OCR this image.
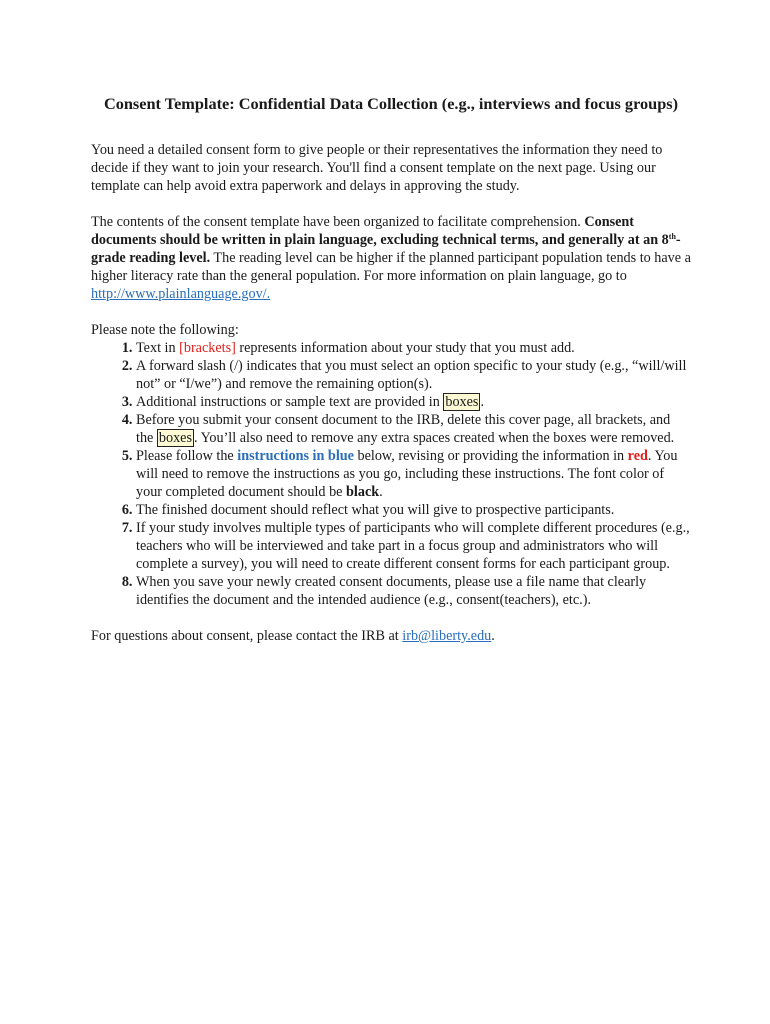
Consent Template: Confidential Data Collection (e.g., interviews and focus groups)

You need a detailed consent form to give people or their representatives the information they need to decide if they want to join your research. You'll find a consent template on the next page. Using our template can help avoid extra paperwork and delays in approving the study.

The contents of the consent template have been organized to facilitate comprehension. Consent documents should be written in plain language, excluding technical terms, and generally at an 8th-grade reading level. The reading level can be higher if the planned participant population tends to have a higher literacy rate than the general population. For more information on plain language, go to http://www.plainlanguage.gov/.

Please note the following:
1. Text in [brackets] represents information about your study that you must add.
2. A forward slash (/) indicates that you must select an option specific to your study (e.g., “will/will not” or “I/we”) and remove the remaining option(s).
3. Additional instructions or sample text are provided in boxes .
4. Before you submit your consent document to the IRB, delete this cover page, all brackets, and the boxes . You’ll also need to remove any extra spaces created when the boxes were removed.
5. Please follow the instructions in blue below, revising or providing the information in red. You will need to remove the instructions as you go, including these instructions. The font color of your completed document should be black.
6. The finished document should reflect what you will give to prospective participants.
7. If your study involves multiple types of participants who will complete different procedures (e.g., teachers who will be interviewed and take part in a focus group and administrators who will complete a survey), you will need to create different consent forms for each participant group.
8. When you save your newly created consent documents, please use a file name that clearly identifies the document and the intended audience (e.g., consent(teachers), etc.).

For questions about consent, please contact the IRB at irb@liberty.edu.
